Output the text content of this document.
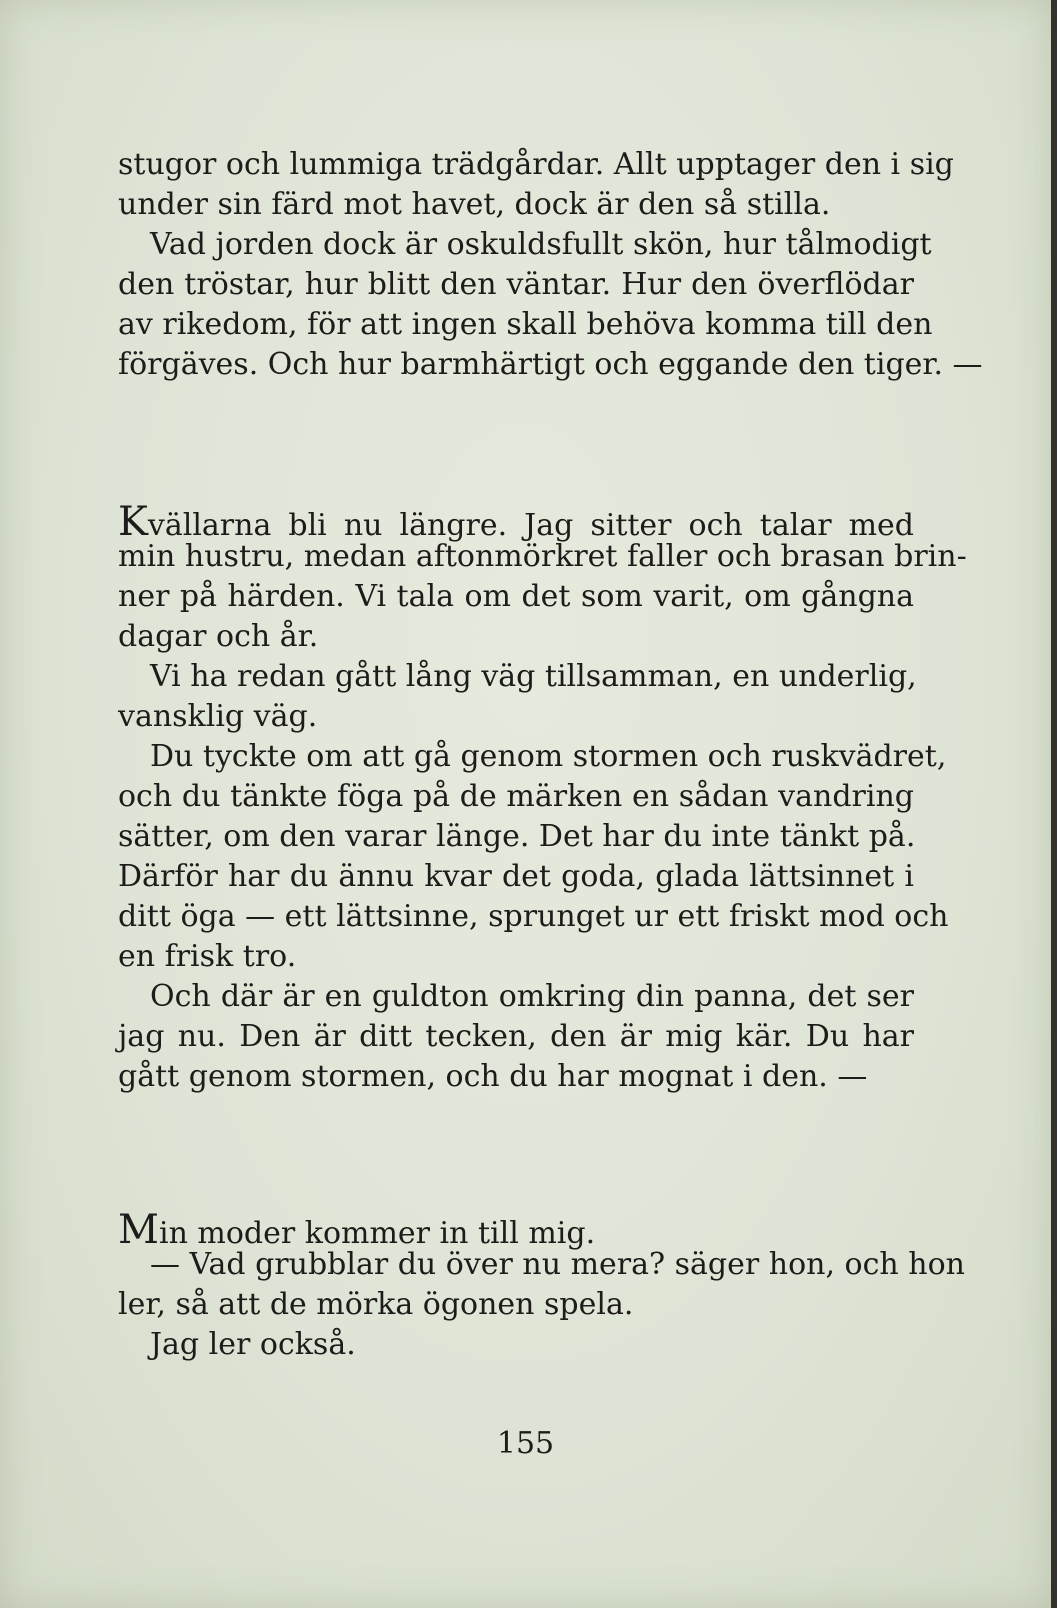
stugor och lummiga trädgårdar. Allt upptager den i sig
under sin färd mot havet, dock är den så stilla.
Vad jorden dock är oskuldsfullt skön, hur tålmodigt
den tröstar, hur blitt den väntar. Hur den överflödar
av rikedom, för att ingen skall behöva komma till den
förgäves. Och hur barmhärtigt och eggande den tiger. —
Kvällarna bli nu längre. Jag sitter och talar med
min hustru, medan aftonmörkret faller och brasan brin-
ner på härden. Vi tala om det som varit, om gångna
dagar och år.
Vi ha redan gått lång väg tillsamman, en underlig,
vansklig väg.
Du tyckte om att gå genom stormen och ruskvädret,
och du tänkte föga på de märken en sådan vandring
sätter, om den varar länge. Det har du inte tänkt på.
Därför har du ännu kvar det goda, glada lättsinnet i
ditt öga — ett lättsinne, sprunget ur ett friskt mod och
en frisk tro.
Och där är en guldton omkring din panna, det ser
jag nu. Den är ditt tecken, den är mig kär. Du har
gått genom stormen, och du har mognat i den. —
Min moder kommer in till mig.
— Vad grubblar du över nu mera? säger hon, och hon
ler, så att de mörka ögonen spela.
Jag ler också.
155
